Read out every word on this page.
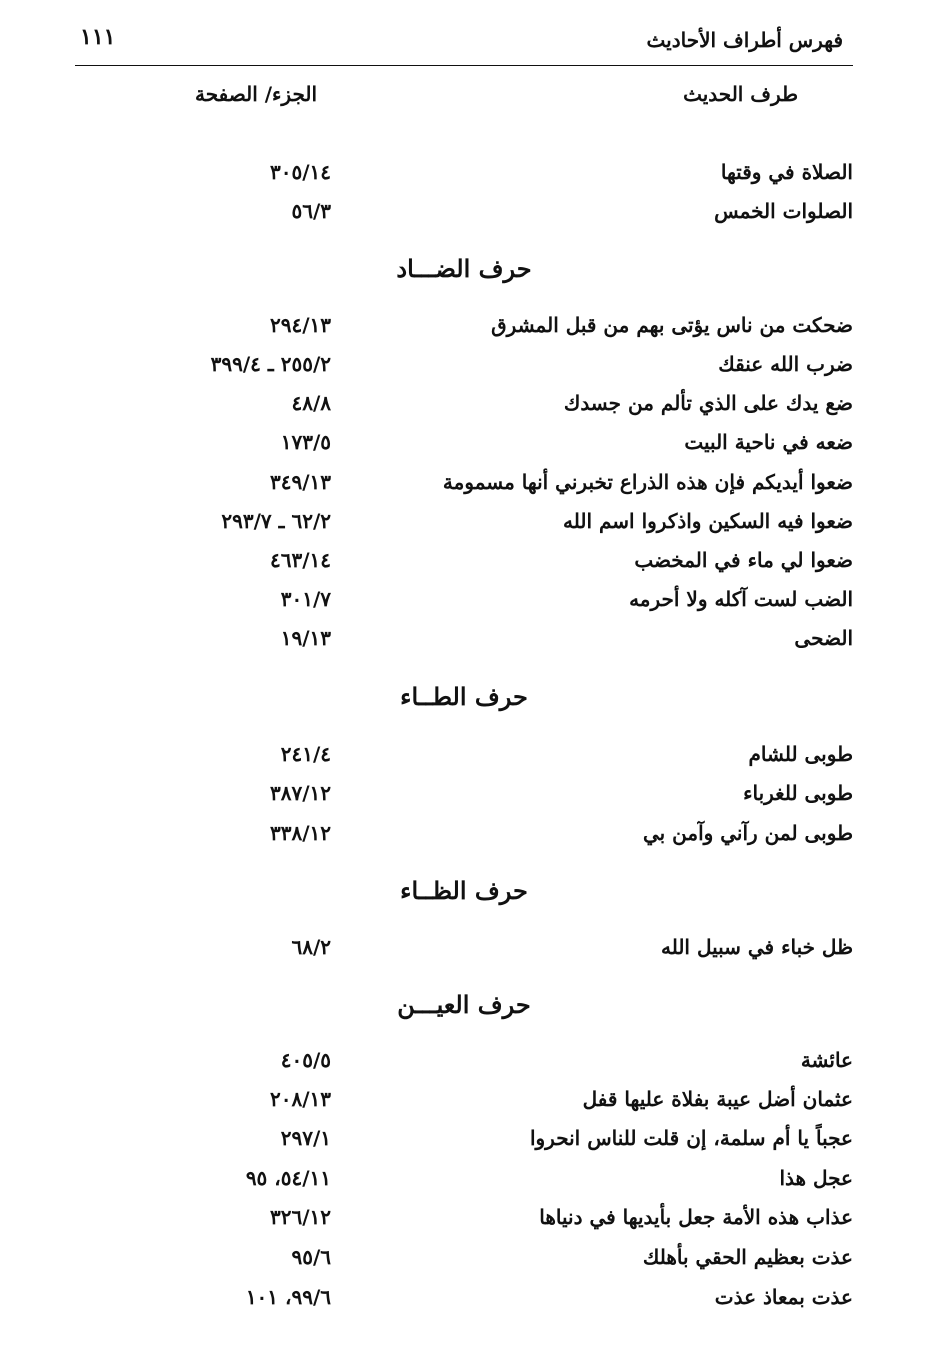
١١١	فهرس أطراف الأحاديث
طرف الحديث
الجزء/ الصفحة
الصلاة في وقتها
٣٠٥/١٤
الصلوات الخمس
٥٦/٣
حرف الضـــاد
ضحكت من ناس يؤتى بهم من قبل المشرق
٢٩٤/١٣
ضرب الله عنقك
٢٥٥/٢ ـ ٣٩٩/٤
ضع يدك على الذي تألم من جسدك
٤٨/٨
ضعه في ناحية البيت
١٧٣/٥
ضعوا أيديكم فإن هذه الذراع تخبرني أنها مسمومة
٣٤٩/١٣
ضعوا فيه السكين واذكروا اسم الله
٦٢/٢ ـ ٢٩٣/٧
ضعوا لي ماء في المخضب
٤٦٣/١٤
الضب لست آكله ولا أحرمه
٣٠١/٧
الضحى
١٩/١٣
حرف الطــاء
طوبى للشام
٢٤١/٤
طوبى للغرباء
٣٨٧/١٢
طوبى لمن رآني وآمن بي
٣٣٨/١٢
حرف الظــاء
ظل خباء في سبيل الله
٦٨/٢
حرف العيـــن
عائشة
٤٠٥/٥
عثمان أضل عيبة بفلاة عليها قفل
٢٠٨/١٣
عجباً يا أم سلمة، إن قلت للناس انحروا
٢٩٧/١
عجل هذا
٥٤/١١، ٩٥
عذاب هذه الأمة جعل بأيديها في دنياها
٣٢٦/١٢
عذت بعظيم الحقي بأهلك
٩٥/٦
عذت بمعاذ عذت
٩٩/٦، ١٠١
